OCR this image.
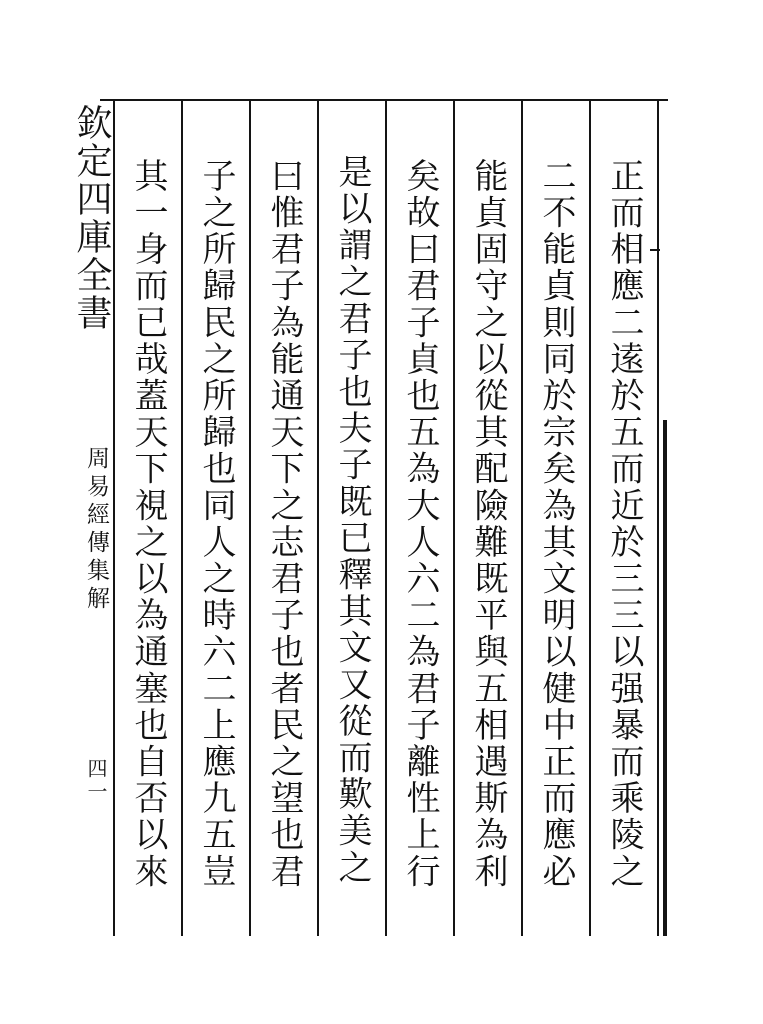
欽定四庫全書
周易經傳集解
四一	正而相應二逺於五而近於三三以强暴而乘陵之
二不能貞則同於宗矣為其文明以健中正而應必
能貞固守之以從其配險難既平與五相遇斯為利
矣故曰君子貞也五為大人六二為君子離性上行
是以謂之君子也夫子既已釋其文又從而歎美之
曰惟君子為能通天下之志君子也者民之望也君
子之所歸民之所歸也同人之時六二上應九五豈
其一身而已哉蓋天下視之以為通塞也自否以來
